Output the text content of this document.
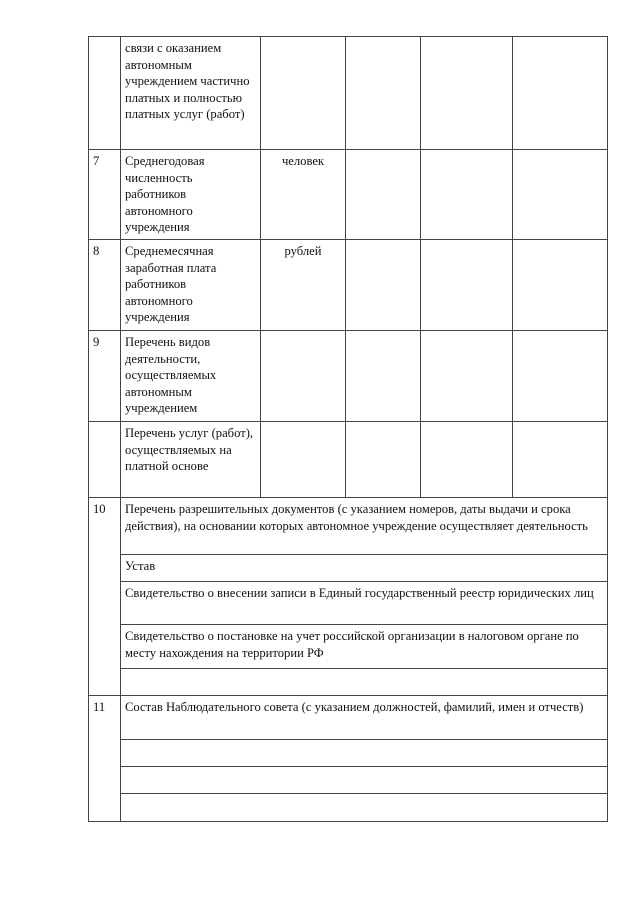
	связи с оказанием автономным учреждением частично платных и полностью платных услуг (работ)				
7	Среднегодовая численность работников автономного учреждения	человек			
8	Среднемесячная заработная плата работников автономного учреждения	рублей			
9	Перечень видов деятельности, осуществляемых автономным учреждением				
	Перечень услуг (работ), осуществляемых на платной основе				
10	Перечень разрешительных документов (с указанием номеров, даты выдачи и срока действия), на основании которых автономное учреждение осуществляет деятельность				
	Устав				
	Свидетельство о внесении записи в Единый государственный реестр юридических лиц				
	Свидетельство о постановке на учет российской организации в налоговом органе по месту нахождения на территории РФ				

11	Состав Наблюдательного совета (с указанием должностей, фамилий, имен и отчеств)				
